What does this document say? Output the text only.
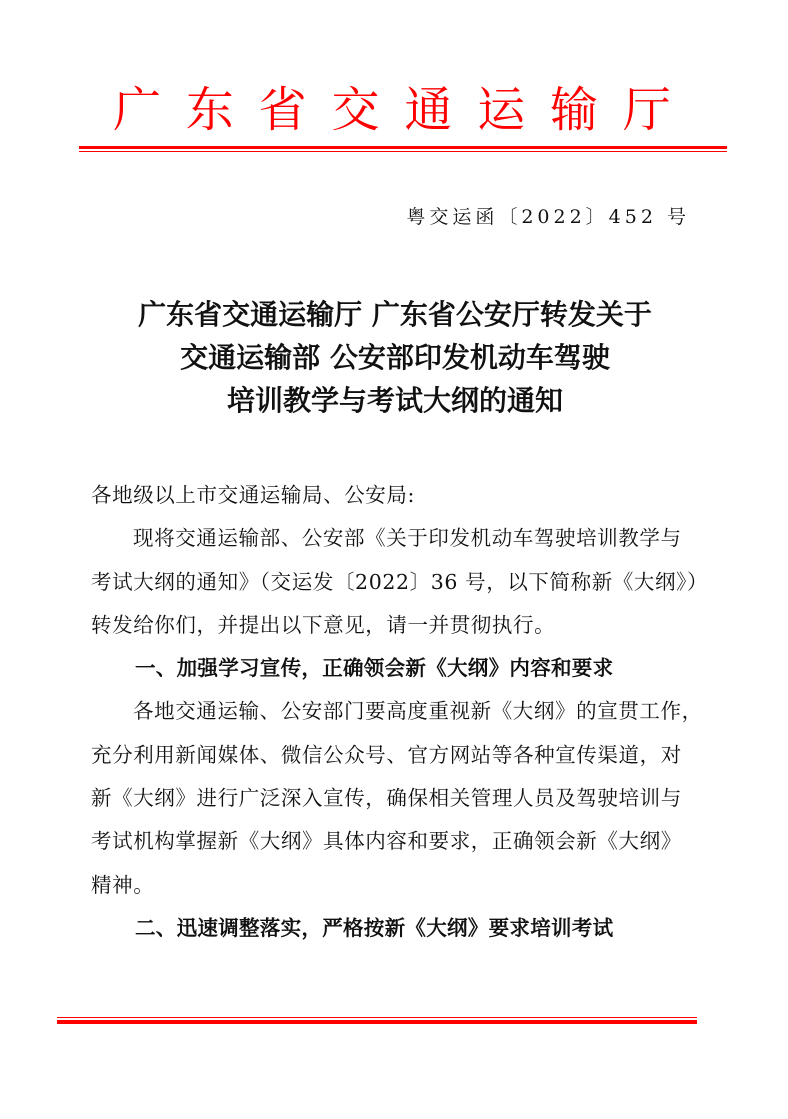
广 东 省 交 通 运 输 厅
粤交运函〔2022〕452 号
广东省交通运输厅 广东省公安厅转发关于
交通运输部 公安部印发机动车驾驶
培训教学与考试大纲的通知
各地级以上市交通运输局、公安局:
现将交通运输部、公安部《关于印发机动车驾驶培训教学与
考试大纲的通知》（交运发〔2022〕36 号，以下简称新《大纲》）
转发给你们，并提出以下意见，请一并贯彻执行。
一、加强学习宣传，正确领会新《大纲》内容和要求
各地交通运输、公安部门要高度重视新《大纲》的宣贯工作，
充分利用新闻媒体、微信公众号、官方网站等各种宣传渠道，对
新《大纲》进行广泛深入宣传，确保相关管理人员及驾驶培训与
考试机构掌握新《大纲》具体内容和要求，正确领会新《大纲》
精神。
二、迅速调整落实，严格按新《大纲》要求培训考试
